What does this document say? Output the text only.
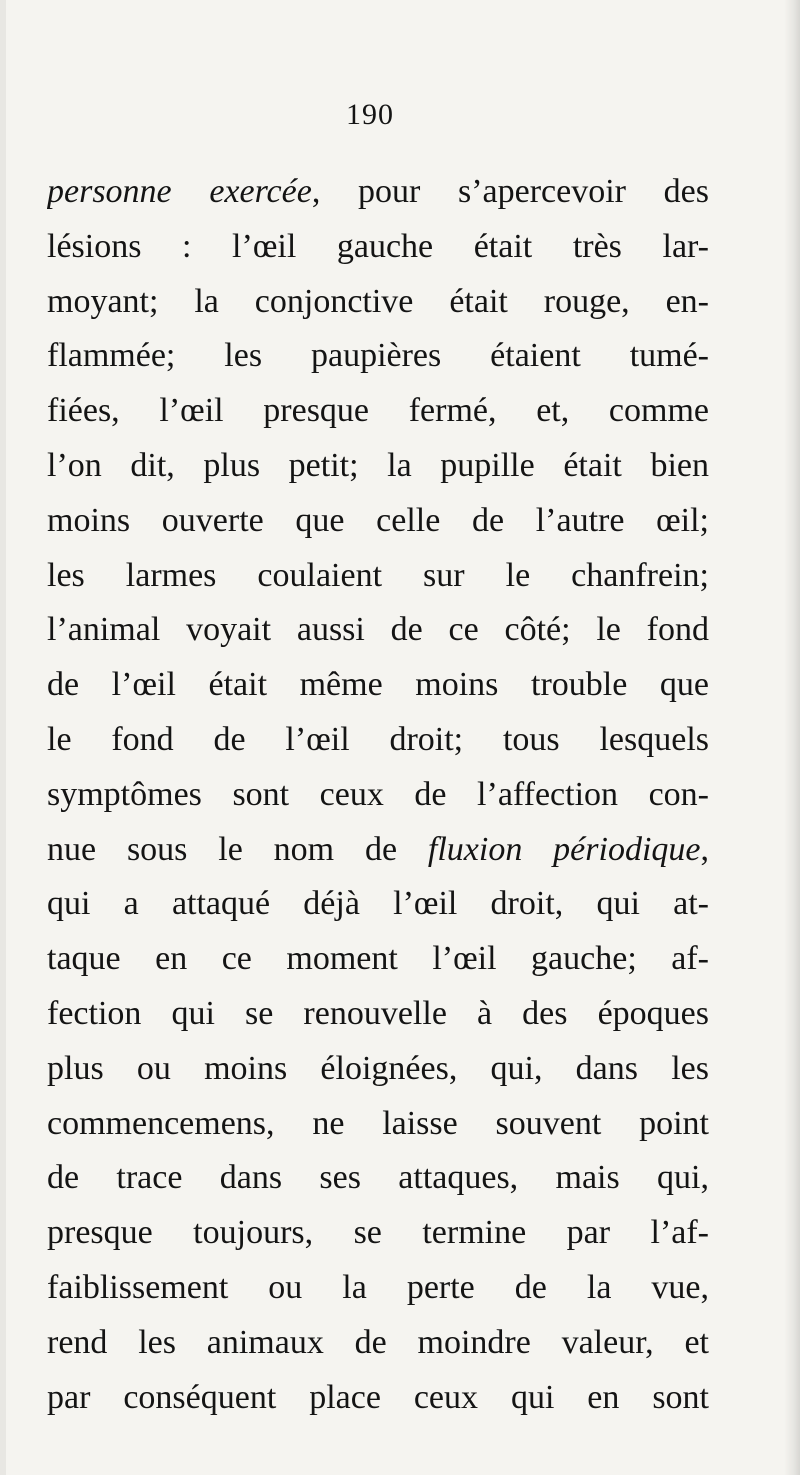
190
personne exercée, pour s’apercevoir des
lésions : l’œil gauche était très lar-
moyant; la conjonctive était rouge, en-
flammée; les paupières étaient tumé-
fiées, l’œil presque fermé, et, comme
l’on dit, plus petit; la pupille était bien
moins ouverte que celle de l’autre œil;
les larmes coulaient sur le chanfrein;
l’animal voyait aussi de ce côté; le fond
de l’œil était même moins trouble que
le fond de l’œil droit; tous lesquels
symptômes sont ceux de l’affection con-
nue sous le nom de fluxion périodique,
qui a attaqué déjà l’œil droit, qui at-
taque en ce moment l’œil gauche; af-
fection qui se renouvelle à des époques
plus ou moins éloignées, qui, dans les
commencemens, ne laisse souvent point
de trace dans ses attaques, mais qui,
presque toujours, se termine par l’af-
faiblissement ou la perte de la vue,
rend les animaux de moindre valeur, et
par conséquent place ceux qui en sont
